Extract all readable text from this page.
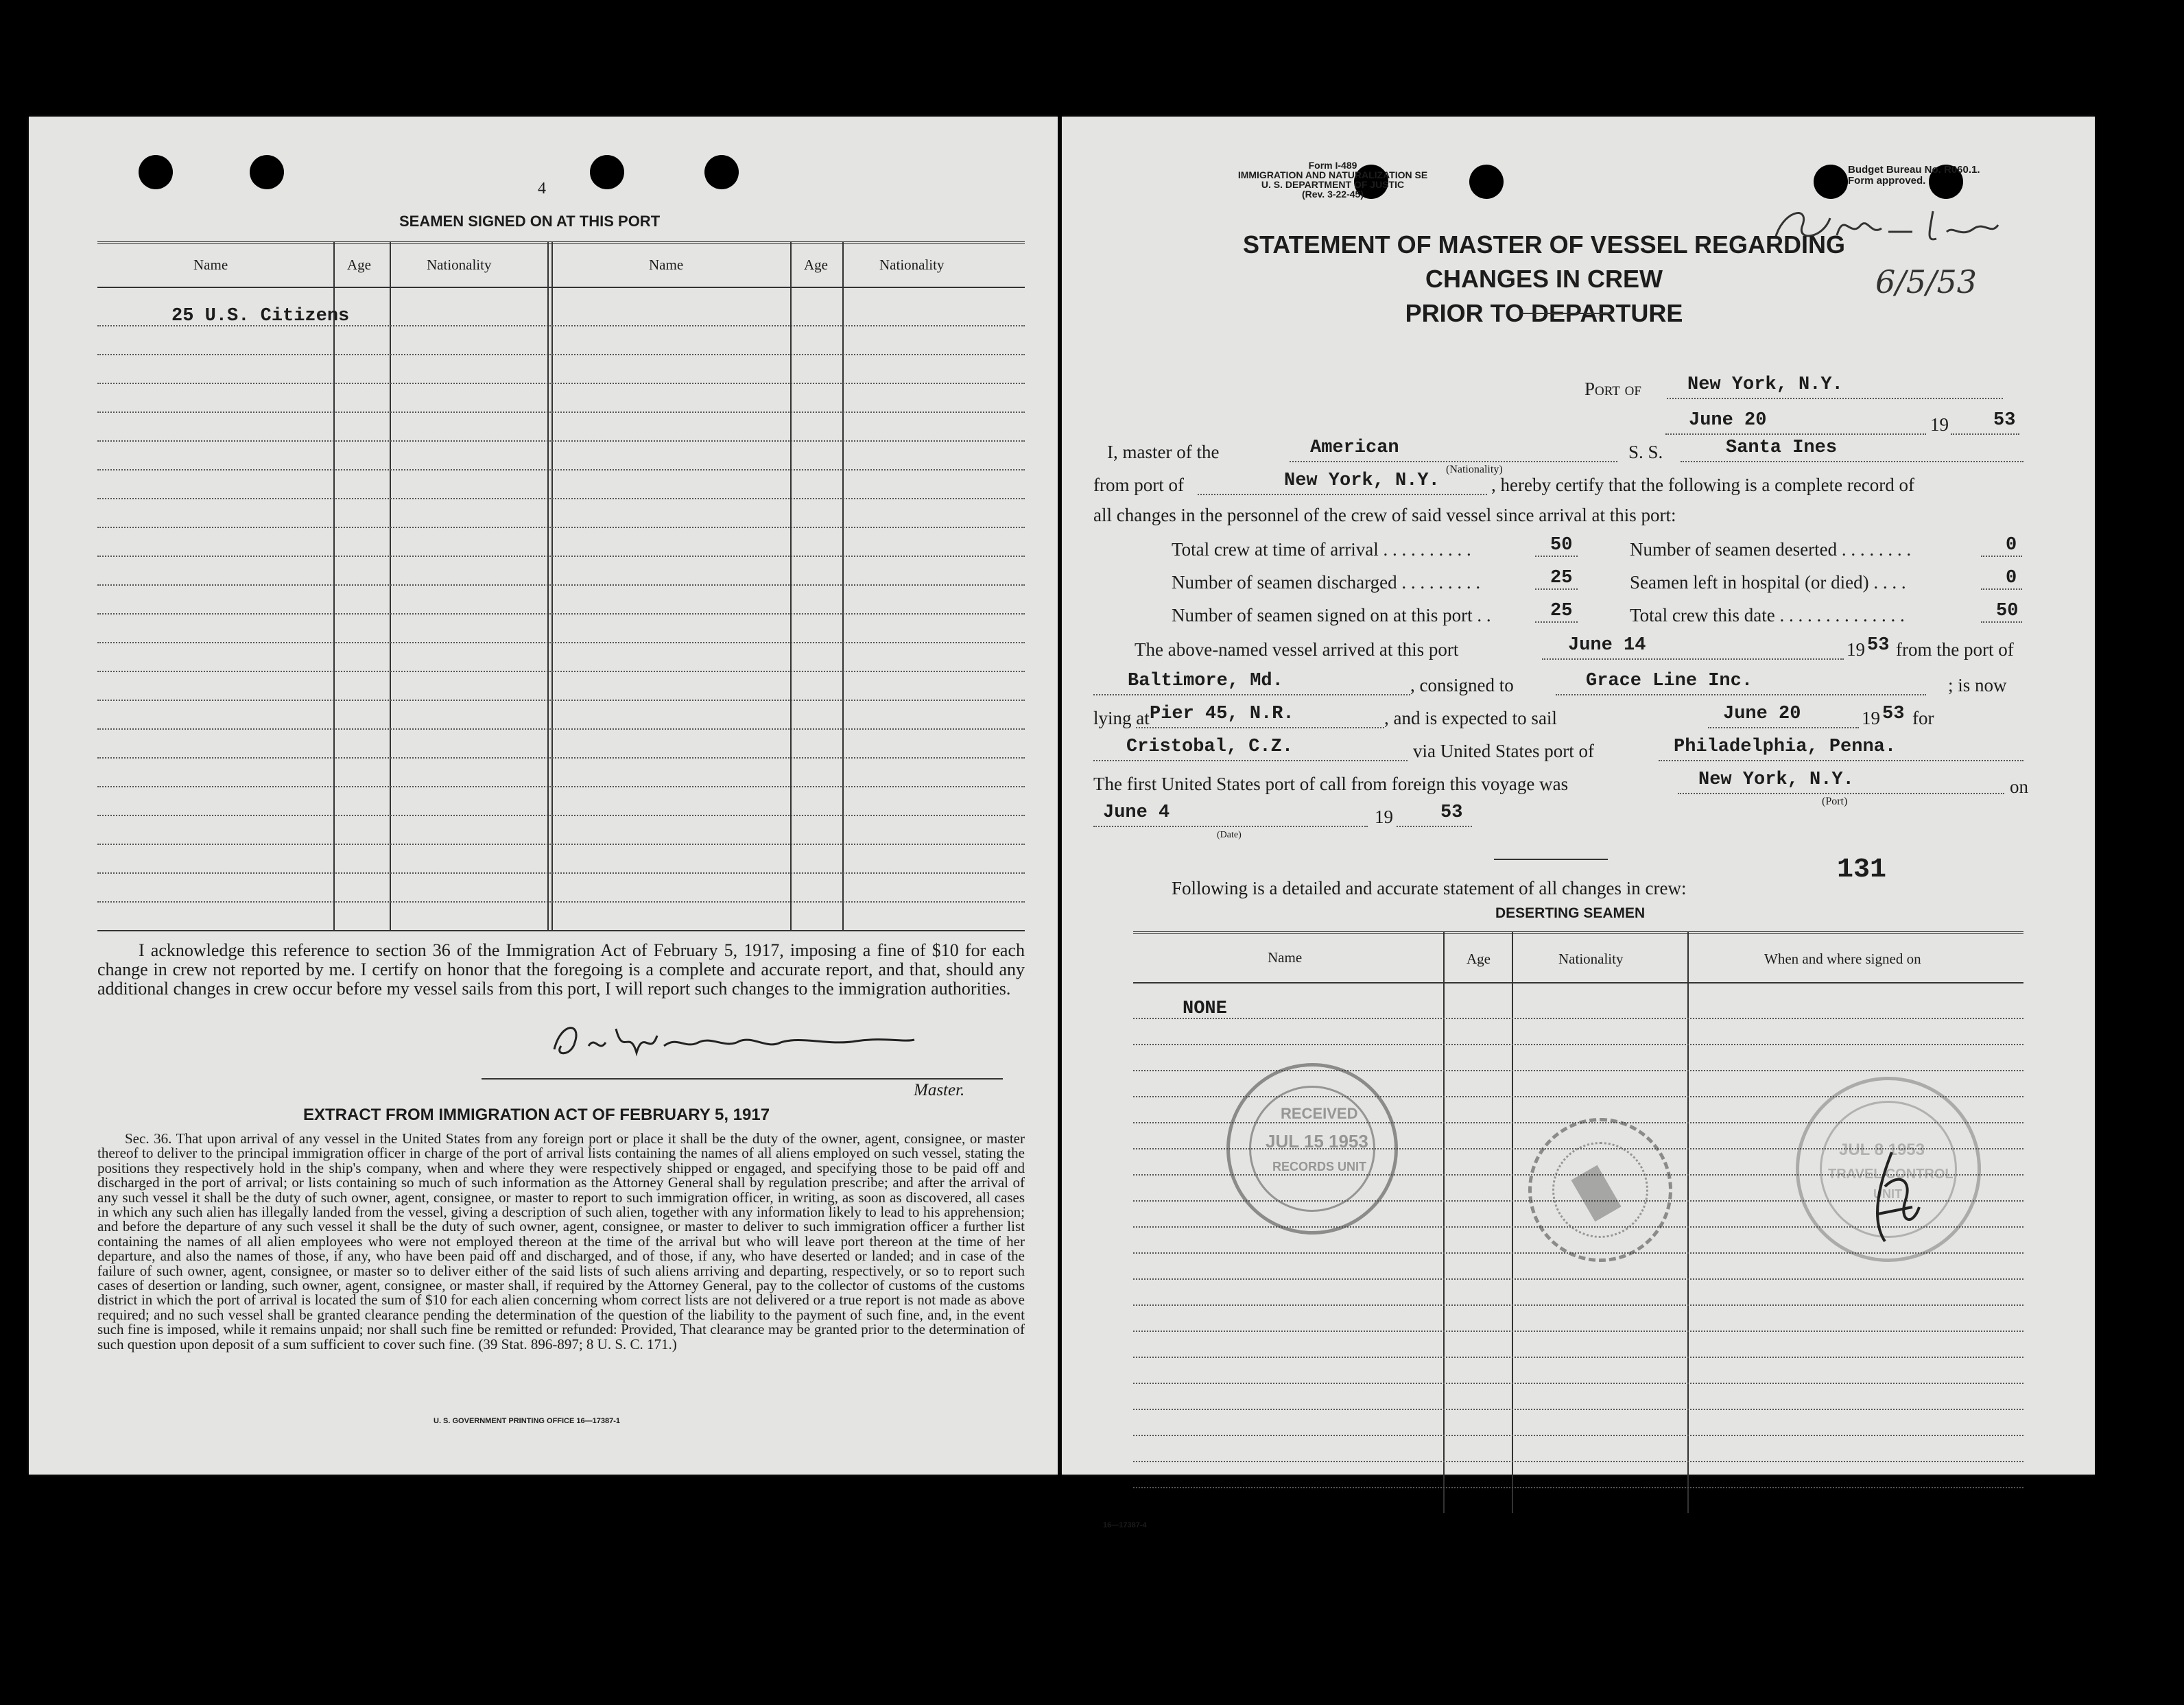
4
SEAMEN SIGNED ON AT THIS PORT
Name	Age	Nationality	Name	Age	Nationality
25 U.S. Citizens
I acknowledge this reference to section 36 of the Immigration Act of February 5, 1917, imposing a fine of $10 for each change in crew not reported by me. I certify on honor that the foregoing is a complete and accurate report, and that, should any additional changes in crew occur before my vessel sails from this port, I will report such changes to the immigration authorities.
Master.
EXTRACT FROM IMMIGRATION ACT OF FEBRUARY 5, 1917
Sec. 36. That upon arrival of any vessel in the United States from any foreign port or place it shall be the duty of the owner, agent, consignee, or master thereof to deliver to the principal immigration officer in charge of the port of arrival lists containing the names of all aliens employed on such vessel, stating the positions they respectively hold in the ship's company, when and where they were respectively shipped or engaged, and specifying those to be paid off and discharged in the port of arrival; or lists containing so much of such information as the Attorney General shall by regulation prescribe; and after the arrival of any such vessel it shall be the duty of such owner, agent, consignee, or master to report to such immigration officer, in writing, as soon as discovered, all cases in which any such alien has illegally landed from the vessel, giving a description of such alien, together with any information likely to lead to his apprehension; and before the departure of any such vessel it shall be the duty of such owner, agent, consignee, or master to deliver to such immigration officer a further list containing the names of all alien employees who were not employed thereon at the time of the arrival but who will leave port thereon at the time of her departure, and also the names of those, if any, who have been paid off and discharged, and of those, if any, who have deserted or landed; and in case of the failure of such owner, agent, consignee, or master so to deliver either of the said lists of such aliens arriving and departing, respectively, or so to report such cases of desertion or landing, such owner, agent, consignee, or master shall, if required by the Attorney General, pay to the collector of customs of the customs district in which the port of arrival is located the sum of $10 for each alien concerning whom correct lists are not delivered or a true report is not made as above required; and no such vessel shall be granted clearance pending the determination of the question of the liability to the payment of such fine, and, in the event such fine is imposed, while it remains unpaid; nor shall such fine be remitted or refunded: Provided, That clearance may be granted prior to the determination of such question upon deposit of a sum sufficient to cover such fine. (39 Stat. 896-897; 8 U. S. C. 171.)
U. S. GOVERNMENT PRINTING OFFICE 16—17387-1
Form I-489
IMMIGRATION AND NATURALIZATION SE
U. S. DEPARTMENT OF JUSTIC
(Rev. 3-22-45)
Budget Bureau No. R060.1.
Form approved.
6/5/53
STATEMENT OF MASTER OF VESSEL REGARDING CHANGES IN CREW
PRIOR TO DEPARTURE
Port of New York, N.Y.
June 20	19 53
I, master of the	American
(Nationality)
S. S.	Santa Ines
from port of	New York, N.Y.	, hereby certify that the following is a complete record of
all changes in the personnel of the crew of said vessel since arrival at this port:
Total crew at time of arrival . . . . . . . . . .	50
Number of seamen discharged . . . . . . . . .	25
Number of seamen signed on at this port . .	25
Number of seamen deserted . . . . . . . .	0
Seamen left in hospital (or died) . . . .	0
Total crew this date . . . . . . . . . . . . . .	50
The above-named vessel arrived at this port	June 14	19 53 from the port of
Baltimore, Md.	, consigned to	Grace Line Inc.	; is now
lying at Pier 45, N.R.	, and is expected to sail	June 20	19 53 for
Cristobal, C.Z.	via United States port of	Philadelphia, Penna.
The first United States port of call from foreign this voyage was	New York, N.Y.
(Port)
on
June 4
(Date)
19	53
131
Following is a detailed and accurate statement of all changes in crew:
DESERTING SEAMEN
Name	Age	Nationality	When and where signed on
NONE
RECEIVED
JUL 15 1953
RECORDS UNIT
JUL 8 1953
TRAVEL CONTROL
UNIT
16—17387-4
